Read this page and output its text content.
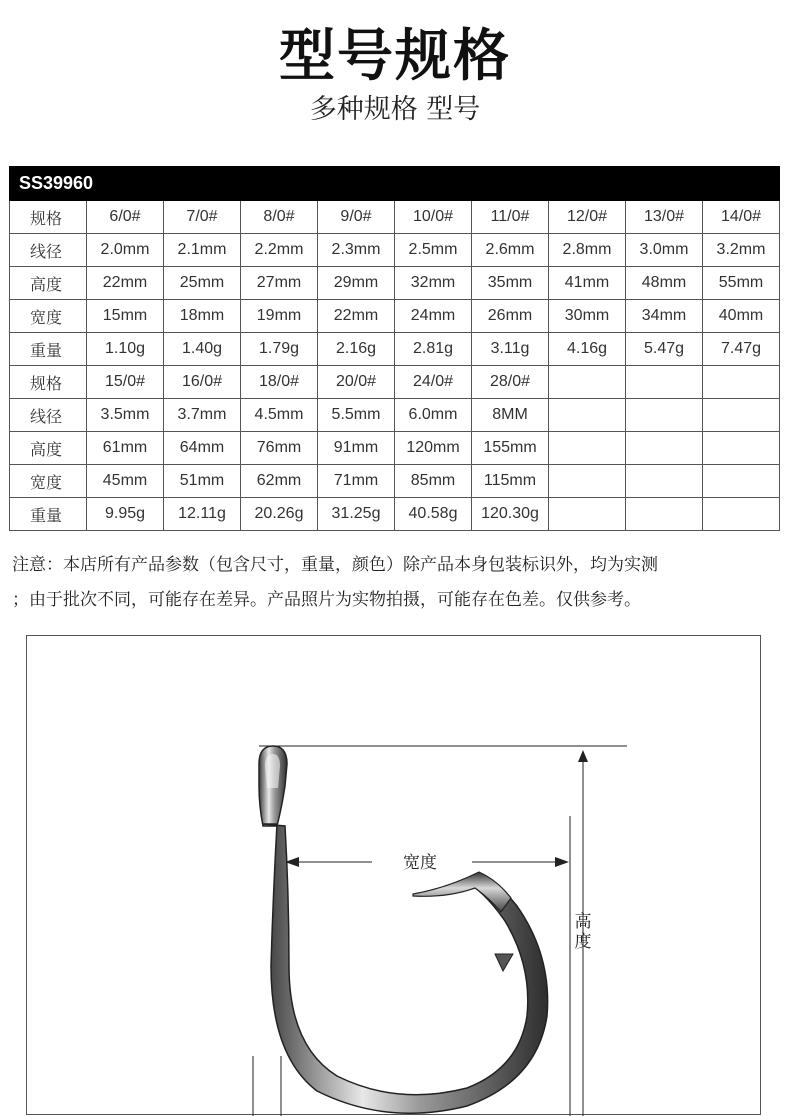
型号规格
多种规格 型号
SS39960									
规格	6/0#	7/0#	8/0#	9/0#	10/0#	11/0#	12/0#	13/0#	14/0#
线径	2.0mm	2.1mm	2.2mm	2.3mm	2.5mm	2.6mm	2.8mm	3.0mm	3.2mm
高度	22mm	25mm	27mm	29mm	32mm	35mm	41mm	48mm	55mm
宽度	15mm	18mm	19mm	22mm	24mm	26mm	30mm	34mm	40mm
重量	1.10g	1.40g	1.79g	2.16g	2.81g	3.11g	4.16g	5.47g	7.47g
规格	15/0#	16/0#	18/0#	20/0#	24/0#	28/0#			
线径	3.5mm	3.7mm	4.5mm	5.5mm	6.0mm	8MM			
高度	61mm	64mm	76mm	91mm	120mm	155mm			
宽度	45mm	51mm	62mm	71mm	85mm	115mm			
重量	9.95g	12.11g	20.26g	31.25g	40.58g	120.30g			
注意：本店所有产品参数（包含尺寸，重量，颜色）除产品本身包装标识外，均为实测
；由于批次不同，可能存在差异。产品照片为实物拍摄，可能存在色差。仅供参考。
宽度
高度
